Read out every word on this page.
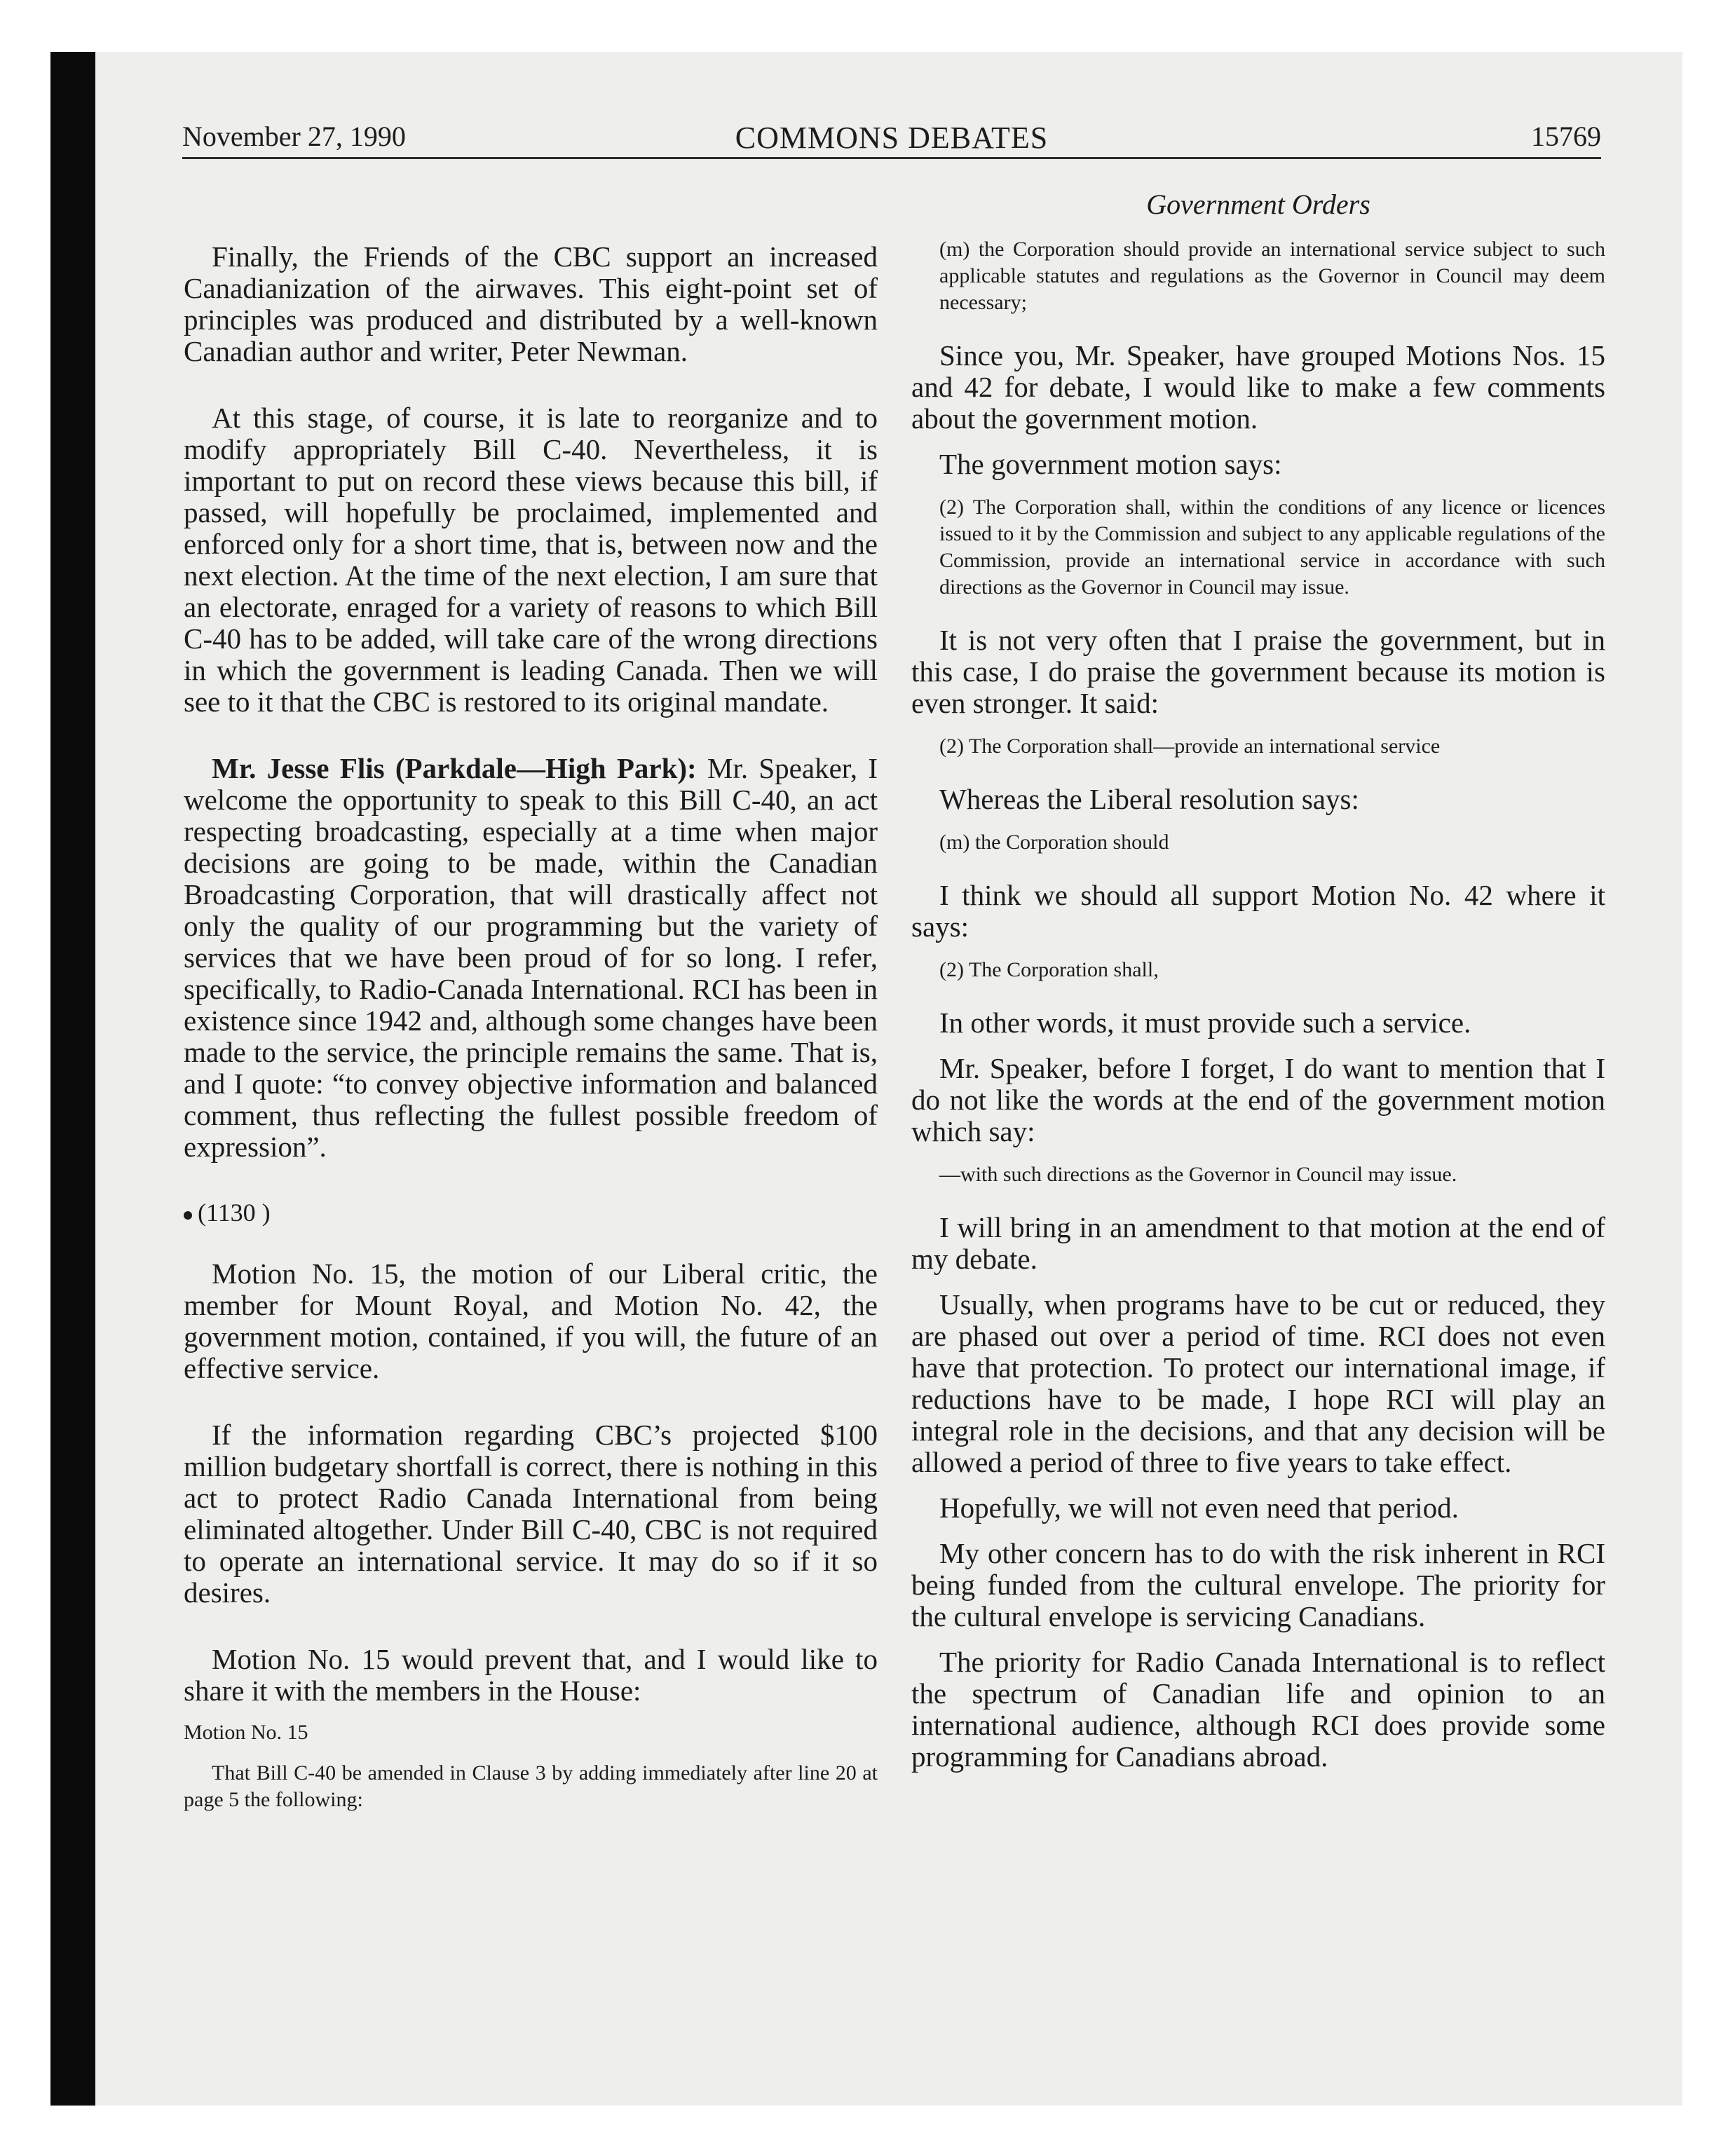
November 27, 1990	COMMONS DEBATES	15769

Finally, the Friends of the CBC support an increased Canadianization of the airwaves. This eight-point set of principles was produced and distributed by a well-known Canadian author and writer, Peter Newman.

At this stage, of course, it is late to reorganize and to modify appropriately Bill C-40. Nevertheless, it is important to put on record these views because this bill, if passed, will hopefully be proclaimed, implemented and enforced only for a short time, that is, between now and the next election. At the time of the next election, I am sure that an electorate, enraged for a variety of reasons to which Bill C-40 has to be added, will take care of the wrong directions in which the government is leading Canada. Then we will see to it that the CBC is restored to its original mandate.

Mr. Jesse Flis (Parkdale—High Park): Mr. Speaker, I welcome the opportunity to speak to this Bill C-40, an act respecting broadcasting, especially at a time when major decisions are going to be made, within the Canadian Broadcasting Corporation, that will drastically affect not only the quality of our programming but the variety of services that we have been proud of for so long. I refer, specifically, to Radio-Canada International. RCI has been in existence since 1942 and, although some changes have been made to the service, the principle remains the same. That is, and I quote: “to convey objective information and balanced comment, thus reflecting the fullest possible freedom of expression”.

(1130 )

Motion No. 15, the motion of our Liberal critic, the member for Mount Royal, and Motion No. 42, the government motion, contained, if you will, the future of an effective service.

If the information regarding CBC’s projected $100 million budgetary shortfall is correct, there is nothing in this act to protect Radio Canada International from being eliminated altogether. Under Bill C-40, CBC is not required to operate an international service. It may do so if it so desires.

Motion No. 15 would prevent that, and I would like to share it with the members in the House:

Motion No. 15

That Bill C-40 be amended in Clause 3 by adding immediately after line 20 at page 5 the following:

Government Orders

(m) the Corporation should provide an international service subject to such applicable statutes and regulations as the Governor in Council may deem necessary;

Since you, Mr. Speaker, have grouped Motions Nos. 15 and 42 for debate, I would like to make a few comments about the government motion.

The government motion says:

(2) The Corporation shall, within the conditions of any licence or licences issued to it by the Commission and subject to any applicable regulations of the Commission, provide an international service in accordance with such directions as the Governor in Council may issue.

It is not very often that I praise the government, but in this case, I do praise the government because its motion is even stronger. It said:

(2) The Corporation shall—provide an international service

Whereas the Liberal resolution says:

(m) the Corporation should

I think we should all support Motion No. 42 where it says:

(2) The Corporation shall,

In other words, it must provide such a service.

Mr. Speaker, before I forget, I do want to mention that I do not like the words at the end of the government motion which say:

—with such directions as the Governor in Council may issue.

I will bring in an amendment to that motion at the end of my debate.

Usually, when programs have to be cut or reduced, they are phased out over a period of time. RCI does not even have that protection. To protect our international image, if reductions have to be made, I hope RCI will play an integral role in the decisions, and that any decision will be allowed a period of three to five years to take effect.

Hopefully, we will not even need that period.

My other concern has to do with the risk inherent in RCI being funded from the cultural envelope. The priority for the cultural envelope is servicing Canadians.

The priority for Radio Canada International is to reflect the spectrum of Canadian life and opinion to an international audience, although RCI does provide some programming for Canadians abroad.
